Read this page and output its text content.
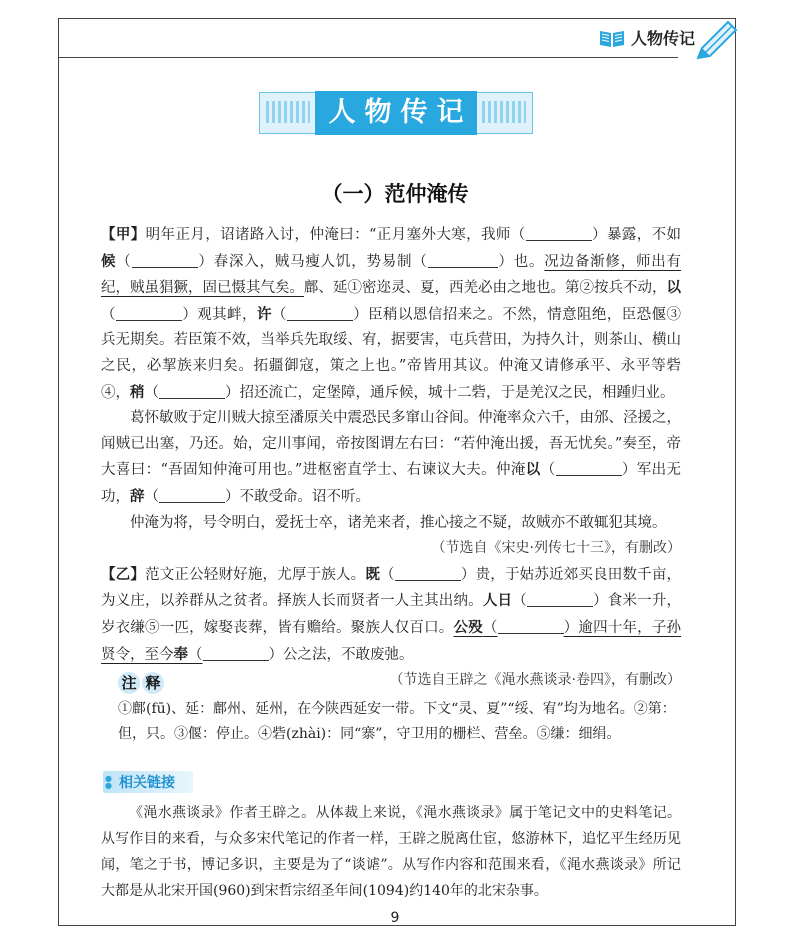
人物传记
人物传记
（一）范仲淹传

【甲】明年正月，诏诸路入讨，仲淹曰：“正月塞外大寒，我师（	）暴露，不如候（	）春深入，贼马瘦人饥，势易制（	）也。况边备渐修，师出有纪，贼虽猖獗，固已慑其气矣。鄜、延①密迩灵、夏，西羌必由之地也。第②按兵不动，以（	）观其衅，许（	）臣稍以恩信招来之。不然，情意阻绝，臣恐偃③兵无期矣。若臣策不效，当举兵先取绥、宥，据要害，屯兵营田，为持久计，则茶山、横山之民，必挈族来归矣。拓疆御寇，策之上也。”帝皆用其议。仲淹又请修承平、永平等砦④，稍（	）招还流亡，定堡障，通斥候，城十二砦，于是羌汉之民，相踵归业。

葛怀敏败于定川贼大掠至潘原关中震恐民多窜山谷间。仲淹率众六千，由邠、泾援之，闻贼已出塞，乃还。始，定川事闻，帝按图谓左右曰：“若仲淹出援，吾无忧矣。”奏至，帝大喜曰：“吾固知仲淹可用也。”进枢密直学士、右谏议大夫。仲淹以（	）军出无功，辞（	）不敢受命。诏不听。

仲淹为将，号令明白，爱抚士卒，诸羌来者，推心接之不疑，故贼亦不敢辄犯其境。

（节选自《宋史·列传七十三》，有删改）

【乙】范文正公轻财好施，尤厚于族人。既（	）贵，于姑苏近郊买良田数千亩，为义庄，以养群从之贫者。择族人长而贤者一人主其出纳。人日（	）食米一升，岁衣缣⑤一匹，嫁娶丧葬，皆有赡给。聚族人仅百口。公殁（	）逾四十年，子孙贤令，至今奉（	）公之法，不敢废弛。

（节选自王辟之《渑水燕谈录·卷四》，有删改）

注 释
①鄜(fū)、延：鄜州、延州，在今陕西延安一带。下文“灵、夏”“绥、宥”均为地名。②第：但，只。③偃：停止。④砦(zhài)：同“寨”，守卫用的栅栏、营垒。⑤缣：细绢。
●
● 相关链接

《渑水燕谈录》作者王辟之。从体裁上来说，《渑水燕谈录》属于笔记文中的史料笔记。从写作目的来看，与众多宋代笔记的作者一样，王辟之脱离仕宦，悠游林下，追忆平生经历见闻，笔之于书，博记多识，主要是为了“谈谑”。从写作内容和范围来看，《渑水燕谈录》所记大都是从北宋开国(960)到宋哲宗绍圣年间(1094)约140年的北宋杂事。

9
